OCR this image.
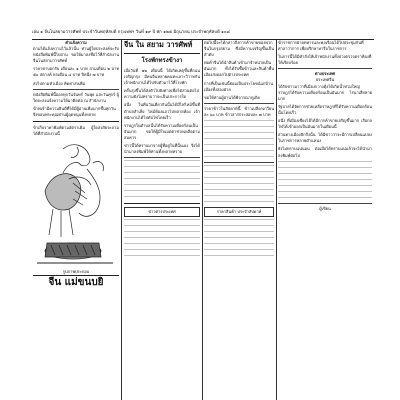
เล่ม ๑ จีนโนสยามวารศัพท์ ประจำวันพฤหัสบดี กรุงเทพฯ วันที่ ๑๙ ปี ศก ๑๒๕ มิถุนายน ประจำพฤหัสบดี ๑๐๘
คำแจ้งความ

ตามได้แจ้งความไว้แล้วนั้น ท่านผู้ใดประสงค์จะรับหนังสือพิมพ์นี้ไปอ่าน ขอให้มาลงชื่อไว้ที่สำนักงานจีนโนสยามวารศัพท์

ราคาค่าบอกรับ เดือนละ ๑ บาท สามเดือน ๒ บาท ๕๐ สตางค์ หกเดือน ๔ บาท ปีหนึ่ง ๗ บาท

ส่งไปตามหัวเมือง คิดค่าส่งเพิ่ม

หนังสือพิมพ์นี้ออกทุกวันจันทร์ วันพุธ และวันศุกร์ ผู้ใดจะลงแจ้งความให้มาติดต่อ ณ สำนักงาน

ข้าพเจ้ามีความยินดีที่ได้มีผู้อ่านเพิ่มมากขึ้นทุกวัน จึงขอบพระคุณท่านผู้อุดหนุนทั้งหลาย

ข้าเก็บราคาพิมพ์ตามอัตราเดิม ผู้ใดสงสัยจะถามได้ที่สำนักงานนี้

รูปภาพประกอบ
จีน แม่ขนบยิ
จีน ใน สยาม วารศัพท์
โรงพักทรงข้างา

เมื่อวันที่ ๑๒ เดือนนี้ ได้เกิดเหตุขึ้นที่ถนนเจริญกรุง มีคนจีนหลายคนทะเลาะวิวาทกัน เจ้าพนักงานได้ไปจับตัวมาไว้ที่โรงพัก

ครั้นรุ่งขึ้นได้ส่งตัวไปยังศาลเพื่อไต่สวนต่อไป ความยังไม่ทราบว่าจะเป็นประการใด

อนึ่ง ในคืนวันเดียวกันนั้นได้มีไฟไหม้ขึ้นที่ตำบลสำเพ็ง ไหม้ห้องแถวไปหลายห้อง เจ้าพนักงานได้ไปดับไฟโดยเร็ว

ราษฎรในตำบลนั้นได้รับความเดือดร้อนเป็นอันมาก ขอให้ผู้มีใจเมตตาช่วยเหลือตามสมควร

ข่าวนี้ได้ทราบมาจากผู้ที่อยู่ในที่นั้นเอง จึงได้นำมาลงพิมพ์ให้ท่านทั้งหลายทราบ

ข่าวต่างประเทศ

ต่อไปนี้จะได้กล่าวถึงการค้าขายของพวกจีนในกรุงสยาม ซึ่งมีความเจริญขึ้นเป็นลำดับ

พ่อค้าจีนได้นำสินค้าเข้ามาจำหน่ายเป็นอันมาก ทั้งได้รับซื้อข้าวและสินค้าพื้นเมืองส่งออกไปต่างประเทศ

การที่เป็นเช่นนี้ย่อมเป็นประโยชน์แก่บ้านเมืองทั้งสองฝ่าย

ขอให้ท่านผู้อ่านได้พิจารณาดูเถิด

ราคาข้าวในสัปดาห์นี้ ข้าวเปลือกเกวียนละ ๖๐ บาท ข้าวสารกระสอบละ ๗ บาท

ราคาสินค้า ประจำสัปดาห์

ข้าราชการฝ่ายทหารและพลเรือนได้ไปประชุมกันที่ศาลาว่าการ เพื่อปรึกษาหารือในราชการ

ในการนี้ได้มีคำสั่งให้เจ้าพนักงานทั้งปวงตรวจตราท้องที่ให้เรียบร้อย

ต่างประเทศ
ประเทศจีน

ได้รับข่าวมาว่าที่เมืองกวางตุ้งได้เกิดน้ำท่วมใหญ่ ราษฎรได้รับความเดือดร้อนเป็นอันมาก ไร่นาเสียหายมาก

รัฐบาลได้จัดการช่วยเหลือราษฎรที่ได้รับความเดือดร้อนนั้นโดยเร็ว

อนึ่ง ที่เมืองเซี่ยงไฮ้ได้มีการค้าขายเจริญขึ้นมาก เรือกลไฟได้เข้าออกเป็นอันมากในเดือนนี้

ส่วนทางเมืองปักกิ่งนั้น ได้มีข่าวว่าจะมีการเปลี่ยนแปลงในราชการหลายตำแหน่ง

ยังไม่ทราบแน่นอน ต่อเมื่อได้ทราบแน่แล้วจะได้นำมาลงพิมพ์ต่อไป

ผู้เขียน
